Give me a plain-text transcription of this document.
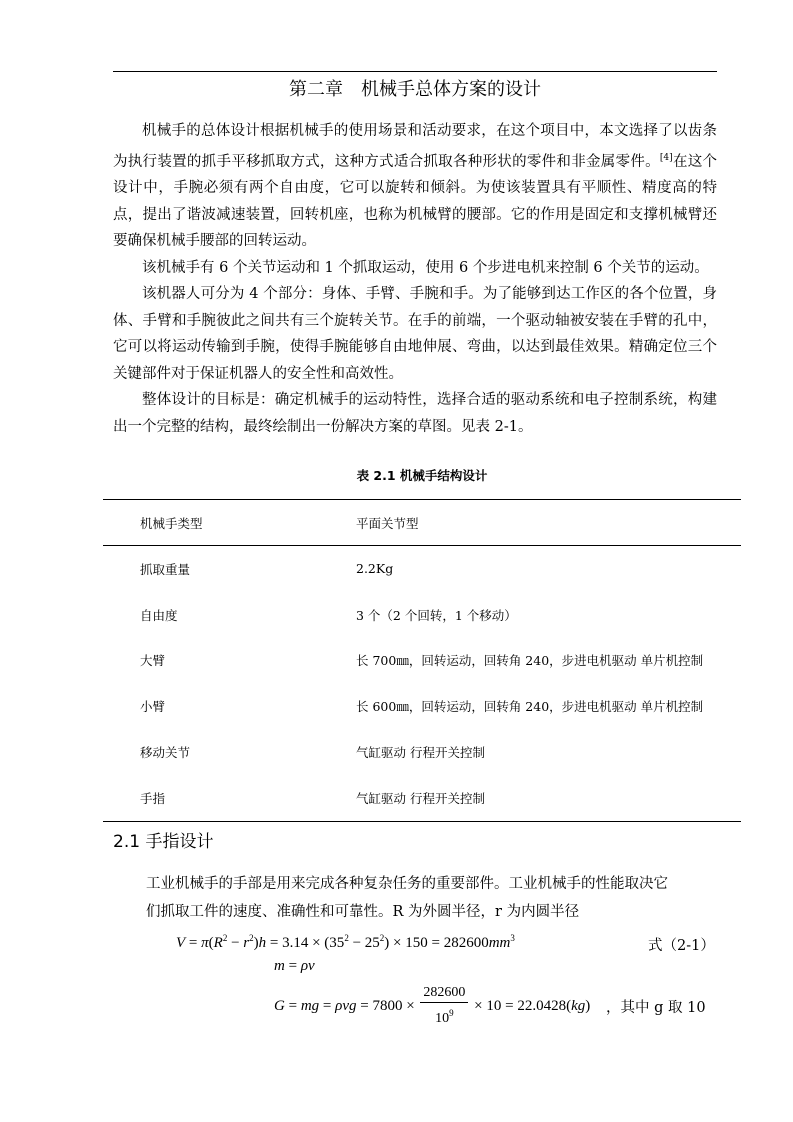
第二章　机械手总体方案的设计

机械手的总体设计根据机械手的使用场景和活动要求，在这个项目中，本文选择了以齿条为执行装置的抓手平移抓取方式，这种方式适合抓取各种形状的零件和非金属零件。[4]在这个设计中，手腕必须有两个自由度，它可以旋转和倾斜。为使该装置具有平顺性、精度高的特点，提出了谐波减速装置，回转机座，也称为机械臂的腰部。它的作用是固定和支撑机械臂还要确保机械手腰部的回转运动。

该机械手有 6 个关节运动和 1 个抓取运动，使用 6 个步进电机来控制 6 个关节的运动。

该机器人可分为 4 个部分：身体、手臂、手腕和手。为了能够到达工作区的各个位置，身体、手臂和手腕彼此之间共有三个旋转关节。在手的前端，一个驱动轴被安装在手臂的孔中，它可以将运动传输到手腕，使得手腕能够自由地伸展、弯曲，以达到最佳效果。精确定位三个关键部件对于保证机器人的安全性和高效性。

整体设计的目标是：确定机械手的运动特性，选择合适的驱动系统和电子控制系统，构建出一个完整的结构，最终绘制出一份解决方案的草图。见表 2-1。

表 2.1 机械手结构设计
机械手类型	平面关节型
抓取重量	2.2Kg
自由度	3 个（2 个回转，1 个移动）
大臂	长 700㎜，回转运动，回转角 240，步进电机驱动 单片机控制
小臂	长 600㎜，回转运动，回转角 240，步进电机驱动 单片机控制
移动关节	气缸驱动 行程开关控制
手指	气缸驱动 行程开关控制
2.1 手指设计
工业机械手的手部是用来完成各种复杂任务的重要部件。工业机械手的性能取决它
们抓取工件的速度、准确性和可靠性。R 为外圆半径，r 为内圆半径
$V = \pi(R^2 - r^2)h = 3.14 \times (35^2 - 25^2) \times 150 = 282600mm^3$	式（2-1）
m = ρv
G = mg = $\rho vg = 7800 \times \frac{282600}{10^9} \times 10 = 22.0428(kg)$ ，其中 g 取 10
